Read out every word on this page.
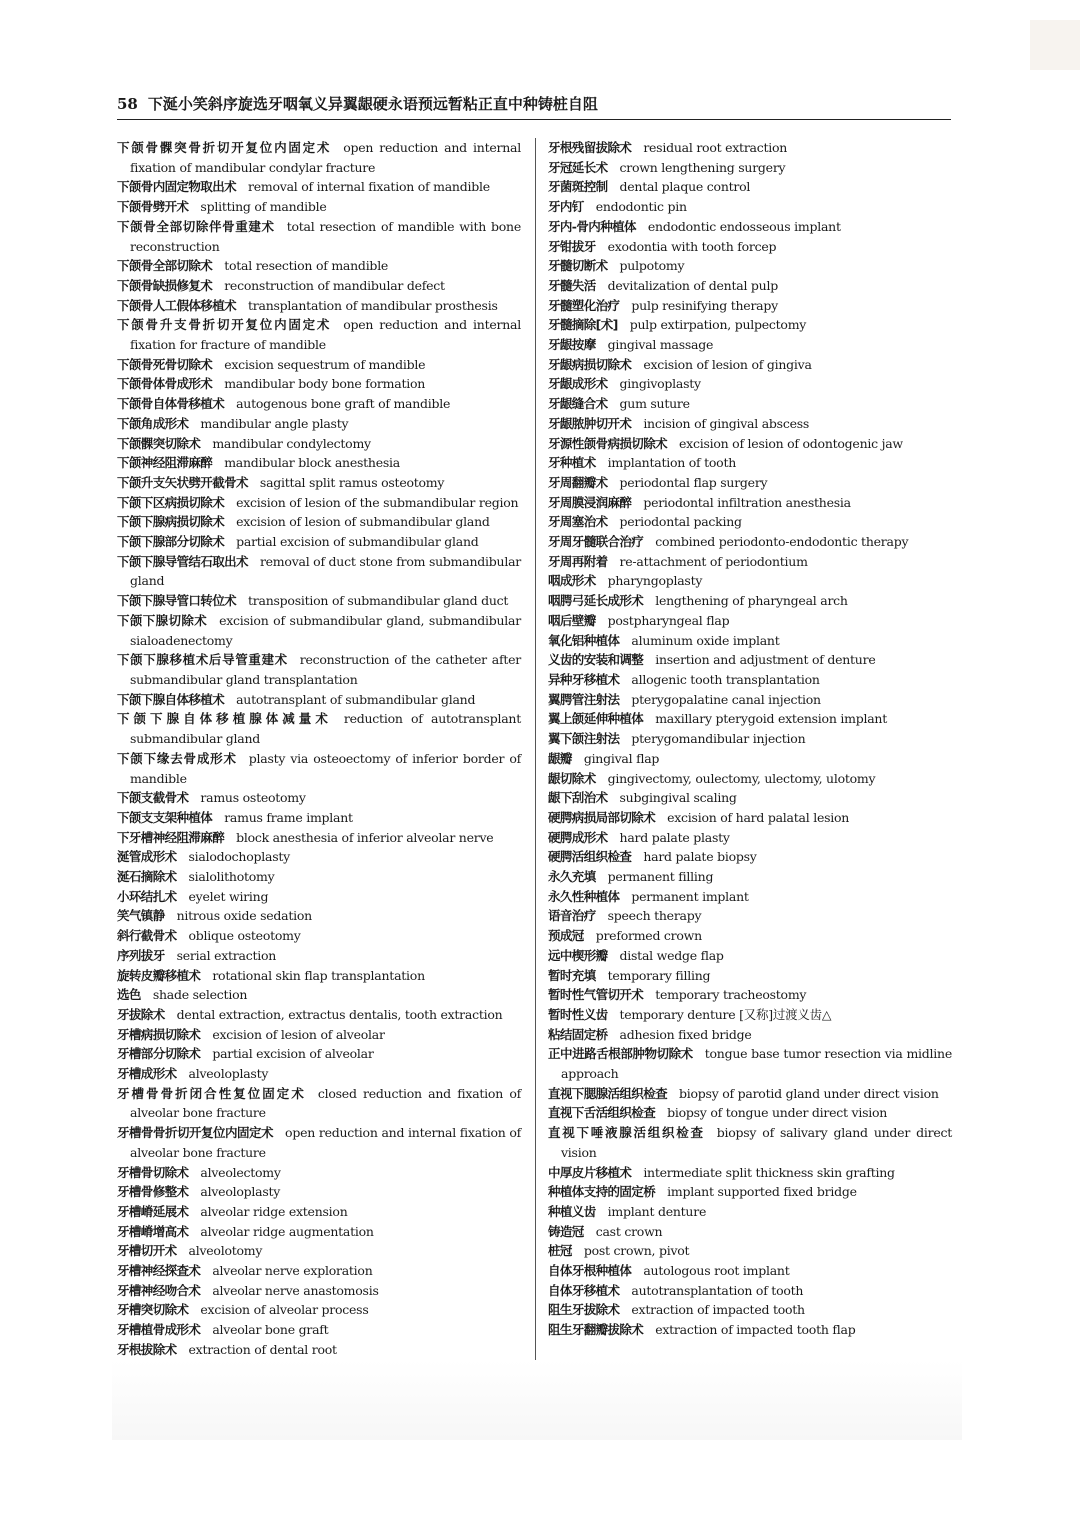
58 下涎小笑斜序旋选牙咽氧义异翼龈硬永语预远暂粘正直中种铸桩自阻
下颌骨髁突骨折切开复位内固定术 open reduction and internal fixation of mandibular condylar fracture
下颌骨内固定物取出术 removal of internal fixation of mandible
下颌骨劈开术 splitting of mandible
下颌骨全部切除伴骨重建术 total resection of mandible with bone reconstruction
下颌骨全部切除术 total resection of mandible
下颌骨缺损修复术 reconstruction of mandibular defect
下颌骨人工假体移植术 transplantation of mandibular prosthesis
下颌骨升支骨折切开复位内固定术 open reduction and internal fixation for fracture of mandible
下颌骨死骨切除术 excision sequestrum of mandible
下颌骨体骨成形术 mandibular body bone formation
下颌骨自体骨移植术 autogenous bone graft of mandible
下颌角成形术 mandibular angle plasty
下颌髁突切除术 mandibular condylectomy
下颌神经阻滞麻醉 mandibular block anesthesia
下颌升支矢状劈开截骨术 sagittal split ramus osteotomy
下颌下区病损切除术 excision of lesion of the submandibular region
下颌下腺病损切除术 excision of lesion of submandibular gland
下颌下腺部分切除术 partial excision of submandibular gland
下颌下腺导管结石取出术 removal of duct stone from submandibular gland
下颌下腺导管口转位术 transposition of submandibular gland duct
下颌下腺切除术 excision of submandibular gland, submandibular sialoadenectomy
下颌下腺移植术后导管重建术 reconstruction of the catheter after submandibular gland transplantation
下颌下腺自体移植术 autotransplant of submandibular gland
下颌下腺自体移植腺体减量术 reduction of autotransplant submandibular gland
下颌下缘去骨成形术 plasty via osteoectomy of inferior border of mandible
下颌支截骨术 ramus osteotomy
下颌支支架种植体 ramus frame implant
下牙槽神经阻滞麻醉 block anesthesia of inferior alveolar nerve
涎管成形术 sialodochoplasty
涎石摘除术 sialolithotomy
小环结扎术 eyelet wiring
笑气镇静 nitrous oxide sedation
斜行截骨术 oblique osteotomy
序列拔牙 serial extraction
旋转皮瓣移植术 rotational skin flap transplantation
选色 shade selection
牙拔除术 dental extraction, extractus dentalis, tooth extraction
牙槽病损切除术 excision of lesion of alveolar
牙槽部分切除术 partial excision of alveolar
牙槽成形术 alveoloplasty
牙槽骨骨折闭合性复位固定术 closed reduction and fixation of alveolar bone fracture
牙槽骨骨折切开复位内固定术 open reduction and internal fixation of alveolar bone fracture
牙槽骨切除术 alveolectomy
牙槽骨修整术 alveoloplasty
牙槽嵴延展术 alveolar ridge extension
牙槽嵴增高术 alveolar ridge augmentation
牙槽切开术 alveolotomy
牙槽神经探查术 alveolar nerve exploration
牙槽神经吻合术 alveolar nerve anastomosis
牙槽突切除术 excision of alveolar process
牙槽植骨成形术 alveolar bone graft
牙根拔除术 extraction of dental root
牙根残留拔除术 residual root extraction
牙冠延长术 crown lengthening surgery
牙菌斑控制 dental plaque control
牙内钉 endodontic pin
牙内-骨内种植体 endodontic endosseous implant
牙钳拔牙 exodontia with tooth forcep
牙髓切断术 pulpotomy
牙髓失活 devitalization of dental pulp
牙髓塑化治疗 pulp resinifying therapy
牙髓摘除[术] pulp extirpation, pulpectomy
牙龈按摩 gingival massage
牙龈病损切除术 excision of lesion of gingiva
牙龈成形术 gingivoplasty
牙龈缝合术 gum suture
牙龈脓肿切开术 incision of gingival abscess
牙源性颌骨病损切除术 excision of lesion of odontogenic jaw
牙种植术 implantation of tooth
牙周翻瓣术 periodontal flap surgery
牙周膜浸润麻醉 periodontal infiltration anesthesia
牙周塞治术 periodontal packing
牙周牙髓联合治疗 combined periodonto-endodontic therapy
牙周再附着 re-attachment of periodontium
咽成形术 pharyngoplasty
咽腭弓延长成形术 lengthening of pharyngeal arch
咽后壁瓣 postpharyngeal flap
氧化铝种植体 aluminum oxide implant
义齿的安装和调整 insertion and adjustment of denture
异种牙移植术 allogenic tooth transplantation
翼腭管注射法 pterygopalatine canal injection
翼上颌延伸种植体 maxillary pterygoid extension implant
翼下颌注射法 pterygomandibular injection
龈瓣 gingival flap
龈切除术 gingivectomy, oulectomy, ulectomy, ulotomy
龈下刮治术 subgingival scaling
硬腭病损局部切除术 excision of hard palatal lesion
硬腭成形术 hard palate plasty
硬腭活组织检查 hard palate biopsy
永久充填 permanent filling
永久性种植体 permanent implant
语音治疗 speech therapy
预成冠 preformed crown
远中楔形瓣 distal wedge flap
暂时充填 temporary filling
暂时性气管切开术 temporary tracheostomy
暂时性义齿 temporary denture [又称]过渡义齿△
粘结固定桥 adhesion fixed bridge
正中进路舌根部肿物切除术 tongue base tumor resection via midline approach
直视下腮腺活组织检查 biopsy of parotid gland under direct vision
直视下舌活组织检查 biopsy of tongue under direct vision
直视下唾液腺活组织检查 biopsy of salivary gland under direct vision
中厚皮片移植术 intermediate split thickness skin grafting
种植体支持的固定桥 implant supported fixed bridge
种植义齿 implant denture
铸造冠 cast crown
桩冠 post crown, pivot
自体牙根种植体 autologous root implant
自体牙移植术 autotransplantation of tooth
阻生牙拔除术 extraction of impacted tooth
阻生牙翻瓣拔除术 extraction of impacted tooth flap
